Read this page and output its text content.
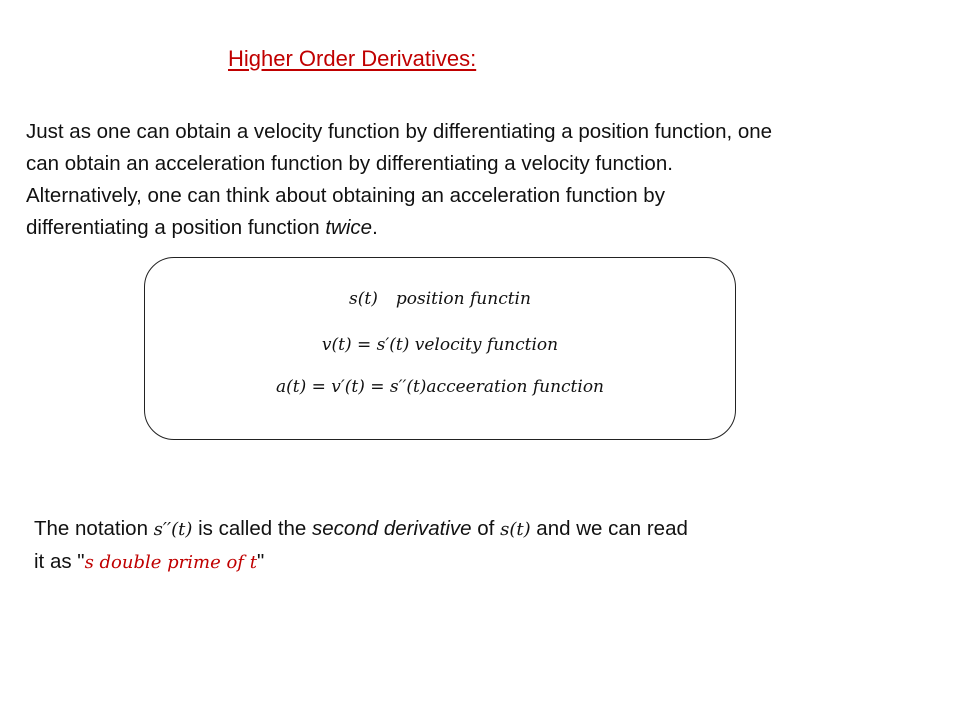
Higher Order Derivatives:
Just as one can obtain a velocity function by differentiating a position function, one
can obtain an acceleration function by differentiating a velocity function.
Alternatively, one can think about obtaining an acceleration function by
differentiating a position function twice.
s(t) position functin
v(t) = s′(t) velocity function
a(t) = v′(t) = s′′(t)acceeration function
The notation s′′(t) is called the second derivative of s(t) and we can read
it as "s double prime of t"
